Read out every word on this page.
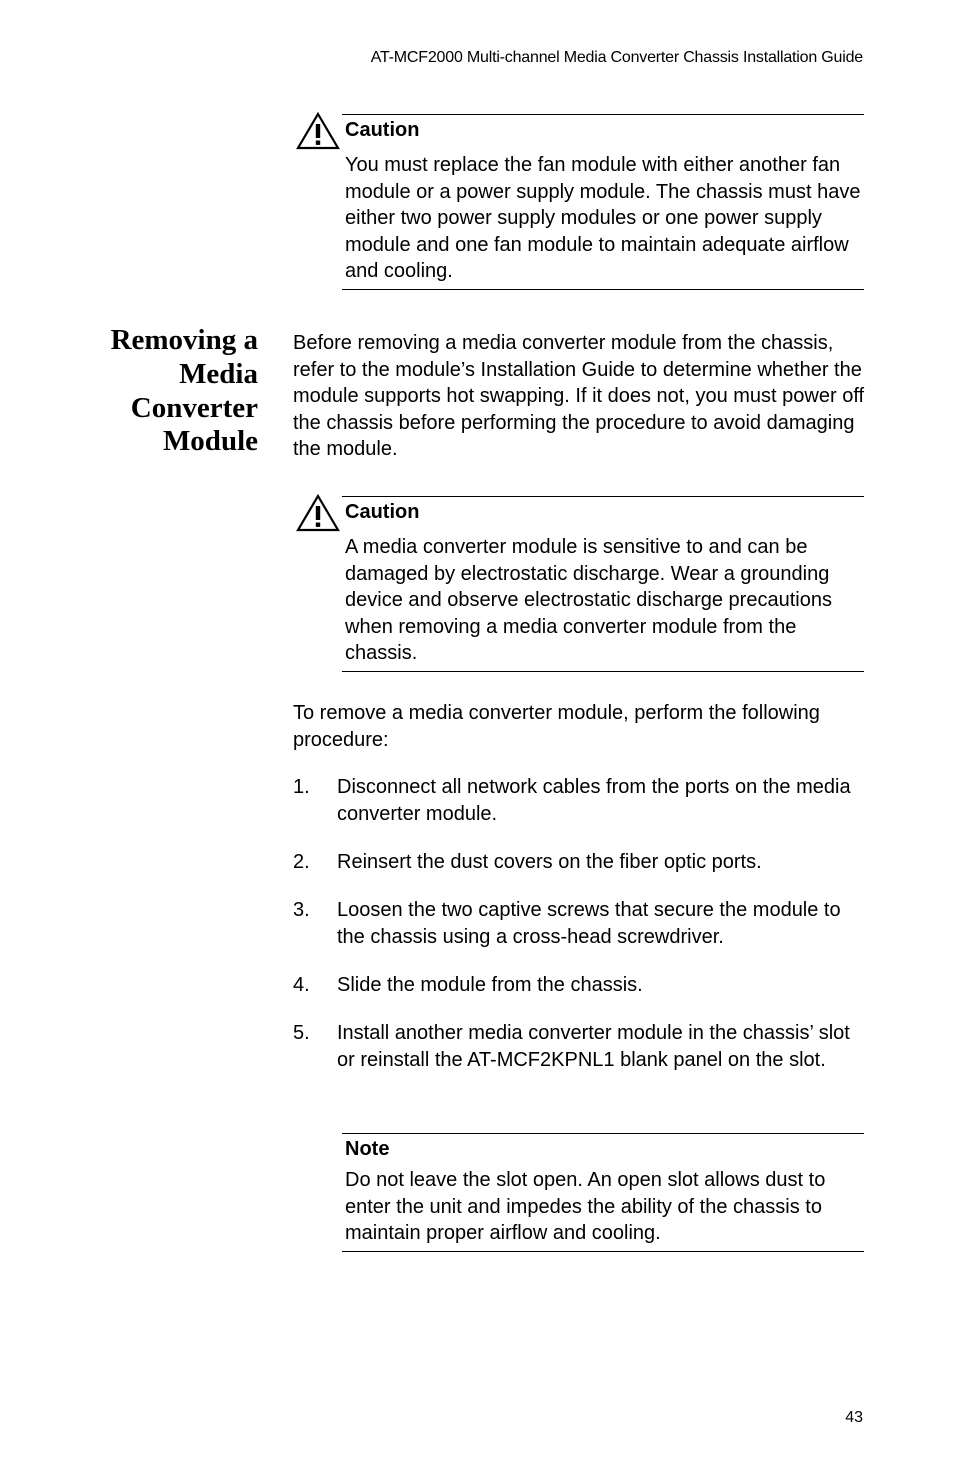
AT-MCF2000 Multi-channel Media Converter Chassis Installation Guide
Caution
You must replace the fan module with either another fan module or a power supply module. The chassis must have either two power supply modules or one power supply module and one fan module to maintain adequate airflow and cooling.
Removing a
Media
Converter
Module
Before removing a media converter module from the chassis, refer to the module’s Installation Guide to determine whether the module supports hot swapping. If it does not, you must power off the chassis before performing the procedure to avoid damaging the module.
Caution
A media converter module is sensitive to and can be damaged by electrostatic discharge. Wear a grounding device and observe electrostatic discharge precautions when removing a media converter module from the chassis.
To remove a media converter module, perform the following procedure:
1. Disconnect all network cables from the ports on the media converter module.
2. Reinsert the dust covers on the fiber optic ports.
3. Loosen the two captive screws that secure the module to the chassis using a cross-head screwdriver.
4. Slide the module from the chassis.
5. Install another media converter module in the chassis’ slot or reinstall the AT-MCF2KPNL1 blank panel on the slot.
Note
Do not leave the slot open. An open slot allows dust to enter the unit and impedes the ability of the chassis to maintain proper airflow and cooling.
43
